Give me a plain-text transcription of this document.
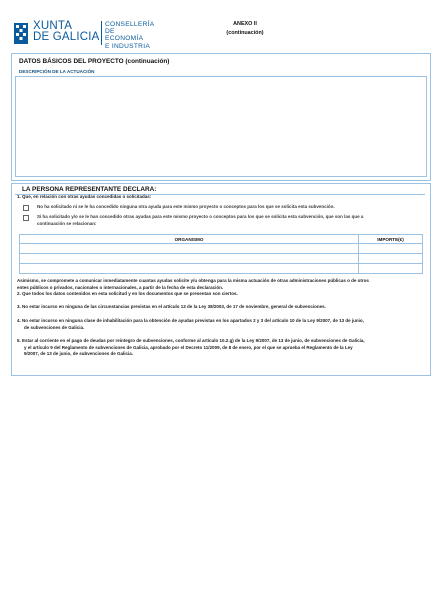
XUNTA
DE GALICIA
CONSELLERÍA
DE ECONOMÍA
E INDUSTRIA
ANEXO II
(continuación)
DATOS BÁSICOS DEL PROYECTO (continuación)
DESCRIPCIÓN DE LA ACTUACIÓN
LA PERSONA REPRESENTANTE DECLARA:
1. Que, en relación con otras ayudas concedidas o solicitadas:
No ha solicitado ni se le ha concedido ninguna otra ayuda para este mismo proyecto o conceptos para los que se solicita esta subvención.
Sí ha solicitado y/o se le han concedido otras ayudas para este mismo proyecto o conceptos para los que se solicita esta subvención, que son las que a
continuación se relacionan:
ORGANISMO	IMPORTE(€)

Asimismo, se compromete a comunicar inmediatamente cuantas ayudas solicite y/u obtenga para la misma actuación de otras administraciones públicas o de otros
entes públicos o privados, nacionales o internacionales, a partir de la fecha de esta declaración.
2. Que todos los datos contenidos en esta solicitud y en los documentos que se presentan son ciertos.
3. No estar incurso en ninguna de las circunstancias previstas en el artículo 13 de la Ley 38/2003, de 17 de noviembre, general de subvenciones.
4. No estar incurso en ninguna clase de inhabilitación para la obtención de ayudas previstas en los apartados 2 y 3 del artículo 10 de la Ley 9/2007, de 13 de junio,
de subvenciones de Galicia.
5. Estar al corriente en el pago de deudas por reintegro de subvenciones, conforme al artículo 10.2.g) de la Ley 9/2007, de 13 de junio, de subvenciones de Galicia,
y el artículo 9 del Reglamento de subvenciones de Galicia, aprobado por el Decreto 11/2009, de 8 de enero, por el que se aprueba el Reglamento de la Ley
9/2007, de 13 de junio, de subvenciones de Galicia.
